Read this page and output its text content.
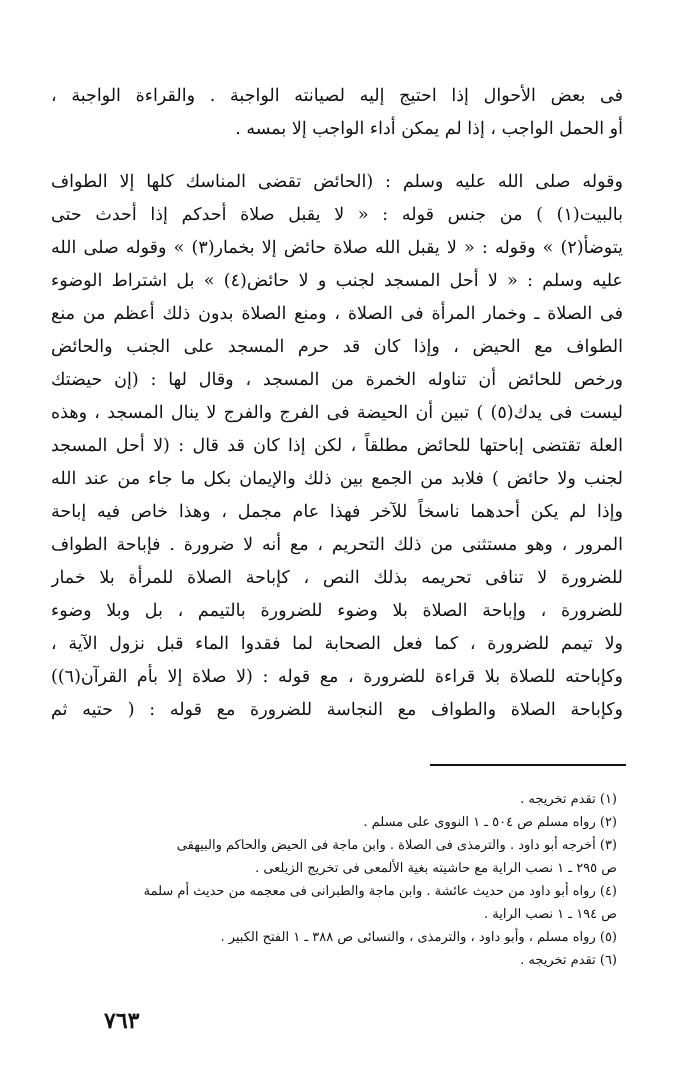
فى بعض الأحوال إذا احتيج إليه لصيانته الواجبة . والقراءة الواجبة ،
أو الحمل الواجب ، إذا لم يمكن أداء الواجب إلا بمسه .
وقوله صلى الله عليه وسلم : (الحائض تقضى المناسك كلها إلا الطواف
بالبيت(١) ) من جنس قوله : « لا يقبل صلاة أحدكم إذا أحدث حتى
يتوضأ(٢) » وقوله : « لا يقبل الله صلاة حائض إلا بخمار(٣) » وقوله صلى الله
عليه وسلم : « لا أحل المسجد لجنب و لا حائض(٤) » بل اشتراط الوضوء
فى الصلاة ـ وخمار المرأة فى الصلاة ، ومنع الصلاة بدون ذلك أعظم من منع
الطواف مع الحيض ، وإذا كان قد حرم المسجد على الجنب والحائض
ورخص للحائض أن تناوله الخمرة من المسجد ، وقال لها : (إن حيضتك
ليست فى يدك(٥) ) تبين أن الحيضة فى الفرج والفرج لا ينال المسجد ، وهذه
العلة تقتضى إباحتها للحائض مطلقاً ، لكن إذا كان قد قال : (لا أحل المسجد
لجنب ولا حائض ) فلابد من الجمع بين ذلك والإيمان بكل ما جاء من عند الله
وإذا لم يكن أحدهما ناسخاً للآخر فهذا عام مجمل ، وهذا خاص فيه إباحة
المرور ، وهو مستثنى من ذلك التحريم ، مع أنه لا ضرورة . فإباحة الطواف
للضرورة لا تنافى تحريمه بذلك النص ، كإباحة الصلاة للمرأة بلا خمار
للضرورة ، وإباحة الصلاة بلا وضوء للضرورة بالتيمم ، بل وبلا وضوء
ولا تيمم للضرورة ، كما فعل الصحابة لما فقدوا الماء قبل نزول الآية ،
وكإباحته للصلاة بلا قراءة للضرورة ، مع قوله : (لا صلاة إلا بأم القرآن(٦))
وكإباحة الصلاة والطواف مع النجاسة للضرورة مع قوله : ( حتيه ثم
(١) تقدم تخريجه .
(٢) رواه مسلم ص ٥٠٤ ـ ١ النووى على مسلم .
(٣) أخرجه أبو داود . والترمذى فى الصلاة . وابن ماجة فى الحيض والحاكم والبيهقى
ص ٢٩٥ ـ ١ نصب الراية مع حاشيته بغية الألمعى فى تخريج الزيلعى .
(٤) رواه أبو داود من حديث عائشة . وابن ماجة والطبرانى فى معجمه من حديث أم سلمة
ص ١٩٤ ـ ١ نصب الراية .
(٥) رواه مسلم ، وأبو داود ، والترمذى ، والنسائى ص ٣٨٨ ـ ١ الفتح الكبير .
(٦) تقدم تخريجه .
٧٦٣
